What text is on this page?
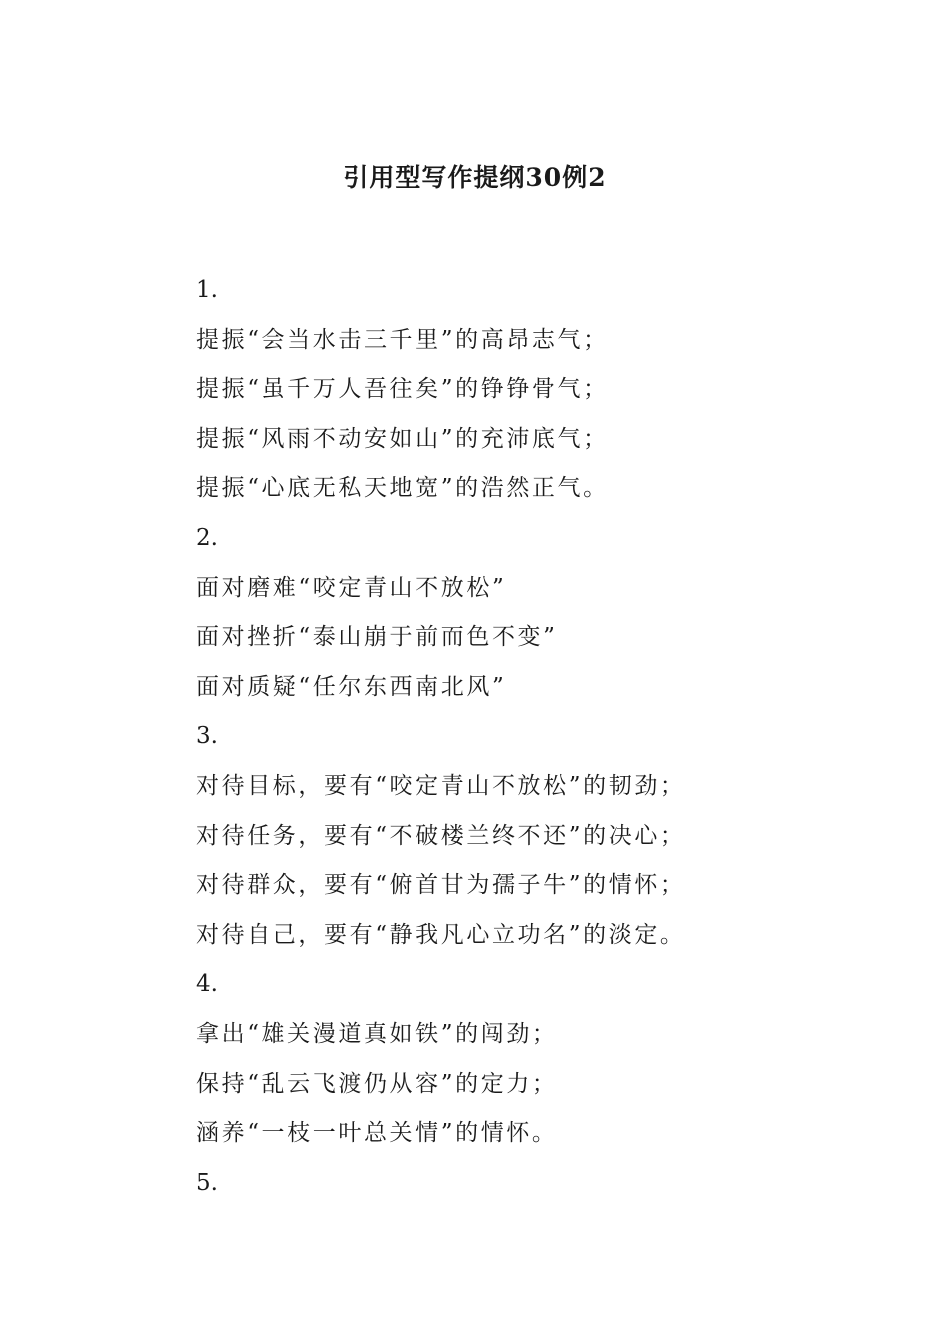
引用型写作提纲30例2
1.
提振“会当水击三千里”的高昂志气；
提振“虽千万人吾往矣”的铮铮骨气；
提振“风雨不动安如山”的充沛底气；
提振“心底无私天地宽”的浩然正气。
2.
面对磨难“咬定青山不放松”
面对挫折“泰山崩于前而色不变”
面对质疑“任尔东西南北风”
3.
对待目标，要有“咬定青山不放松”的韧劲；
对待任务，要有“不破楼兰终不还”的决心；
对待群众，要有“俯首甘为孺子牛”的情怀；
对待自己，要有“静我凡心立功名”的淡定。
4.
拿出“雄关漫道真如铁”的闯劲；
保持“乱云飞渡仍从容”的定力；
涵养“一枝一叶总关情”的情怀。
5.
